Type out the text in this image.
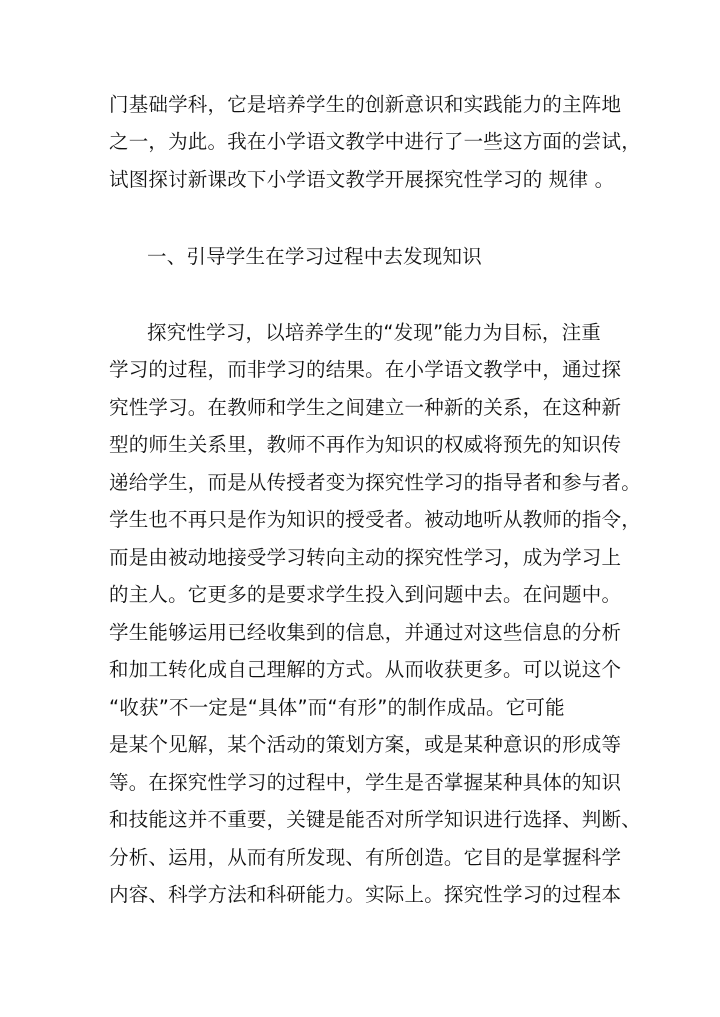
门基础学科，它是培养学生的创新意识和实践能力的主阵地
之一，为此。我在小学语文教学中进行了一些这方面的尝试，
试图探讨新课改下小学语文教学开展探究性学习的 规律 。
一、引导学生在学习过程中去发现知识
探究性学习，以培养学生的“发现”能力为目标，注重
学习的过程，而非学习的结果。在小学语文教学中，通过探
究性学习。在教师和学生之间建立一种新的关系，在这种新
型的师生关系里，教师不再作为知识的权威将预先的知识传
递给学生，而是从传授者变为探究性学习的指导者和参与者。
学生也不再只是作为知识的授受者。被动地听从教师的指令，
而是由被动地接受学习转向主动的探究性学习，成为学习上
的主人。它更多的是要求学生投入到问题中去。在问题中。
学生能够运用已经收集到的信息，并通过对这些信息的分析
和加工转化成自己理解的方式。从而收获更多。可以说这个
“收获”不一定是“具体”而“有形”的制作成品。它可能
是某个见解，某个活动的策划方案，或是某种意识的形成等
等。在探究性学习的过程中，学生是否掌握某种具体的知识
和技能这并不重要，关键是能否对所学知识进行选择、判断、
分析、运用，从而有所发现、有所创造。它目的是掌握科学
内容、科学方法和科研能力。实际上。探究性学习的过程本
